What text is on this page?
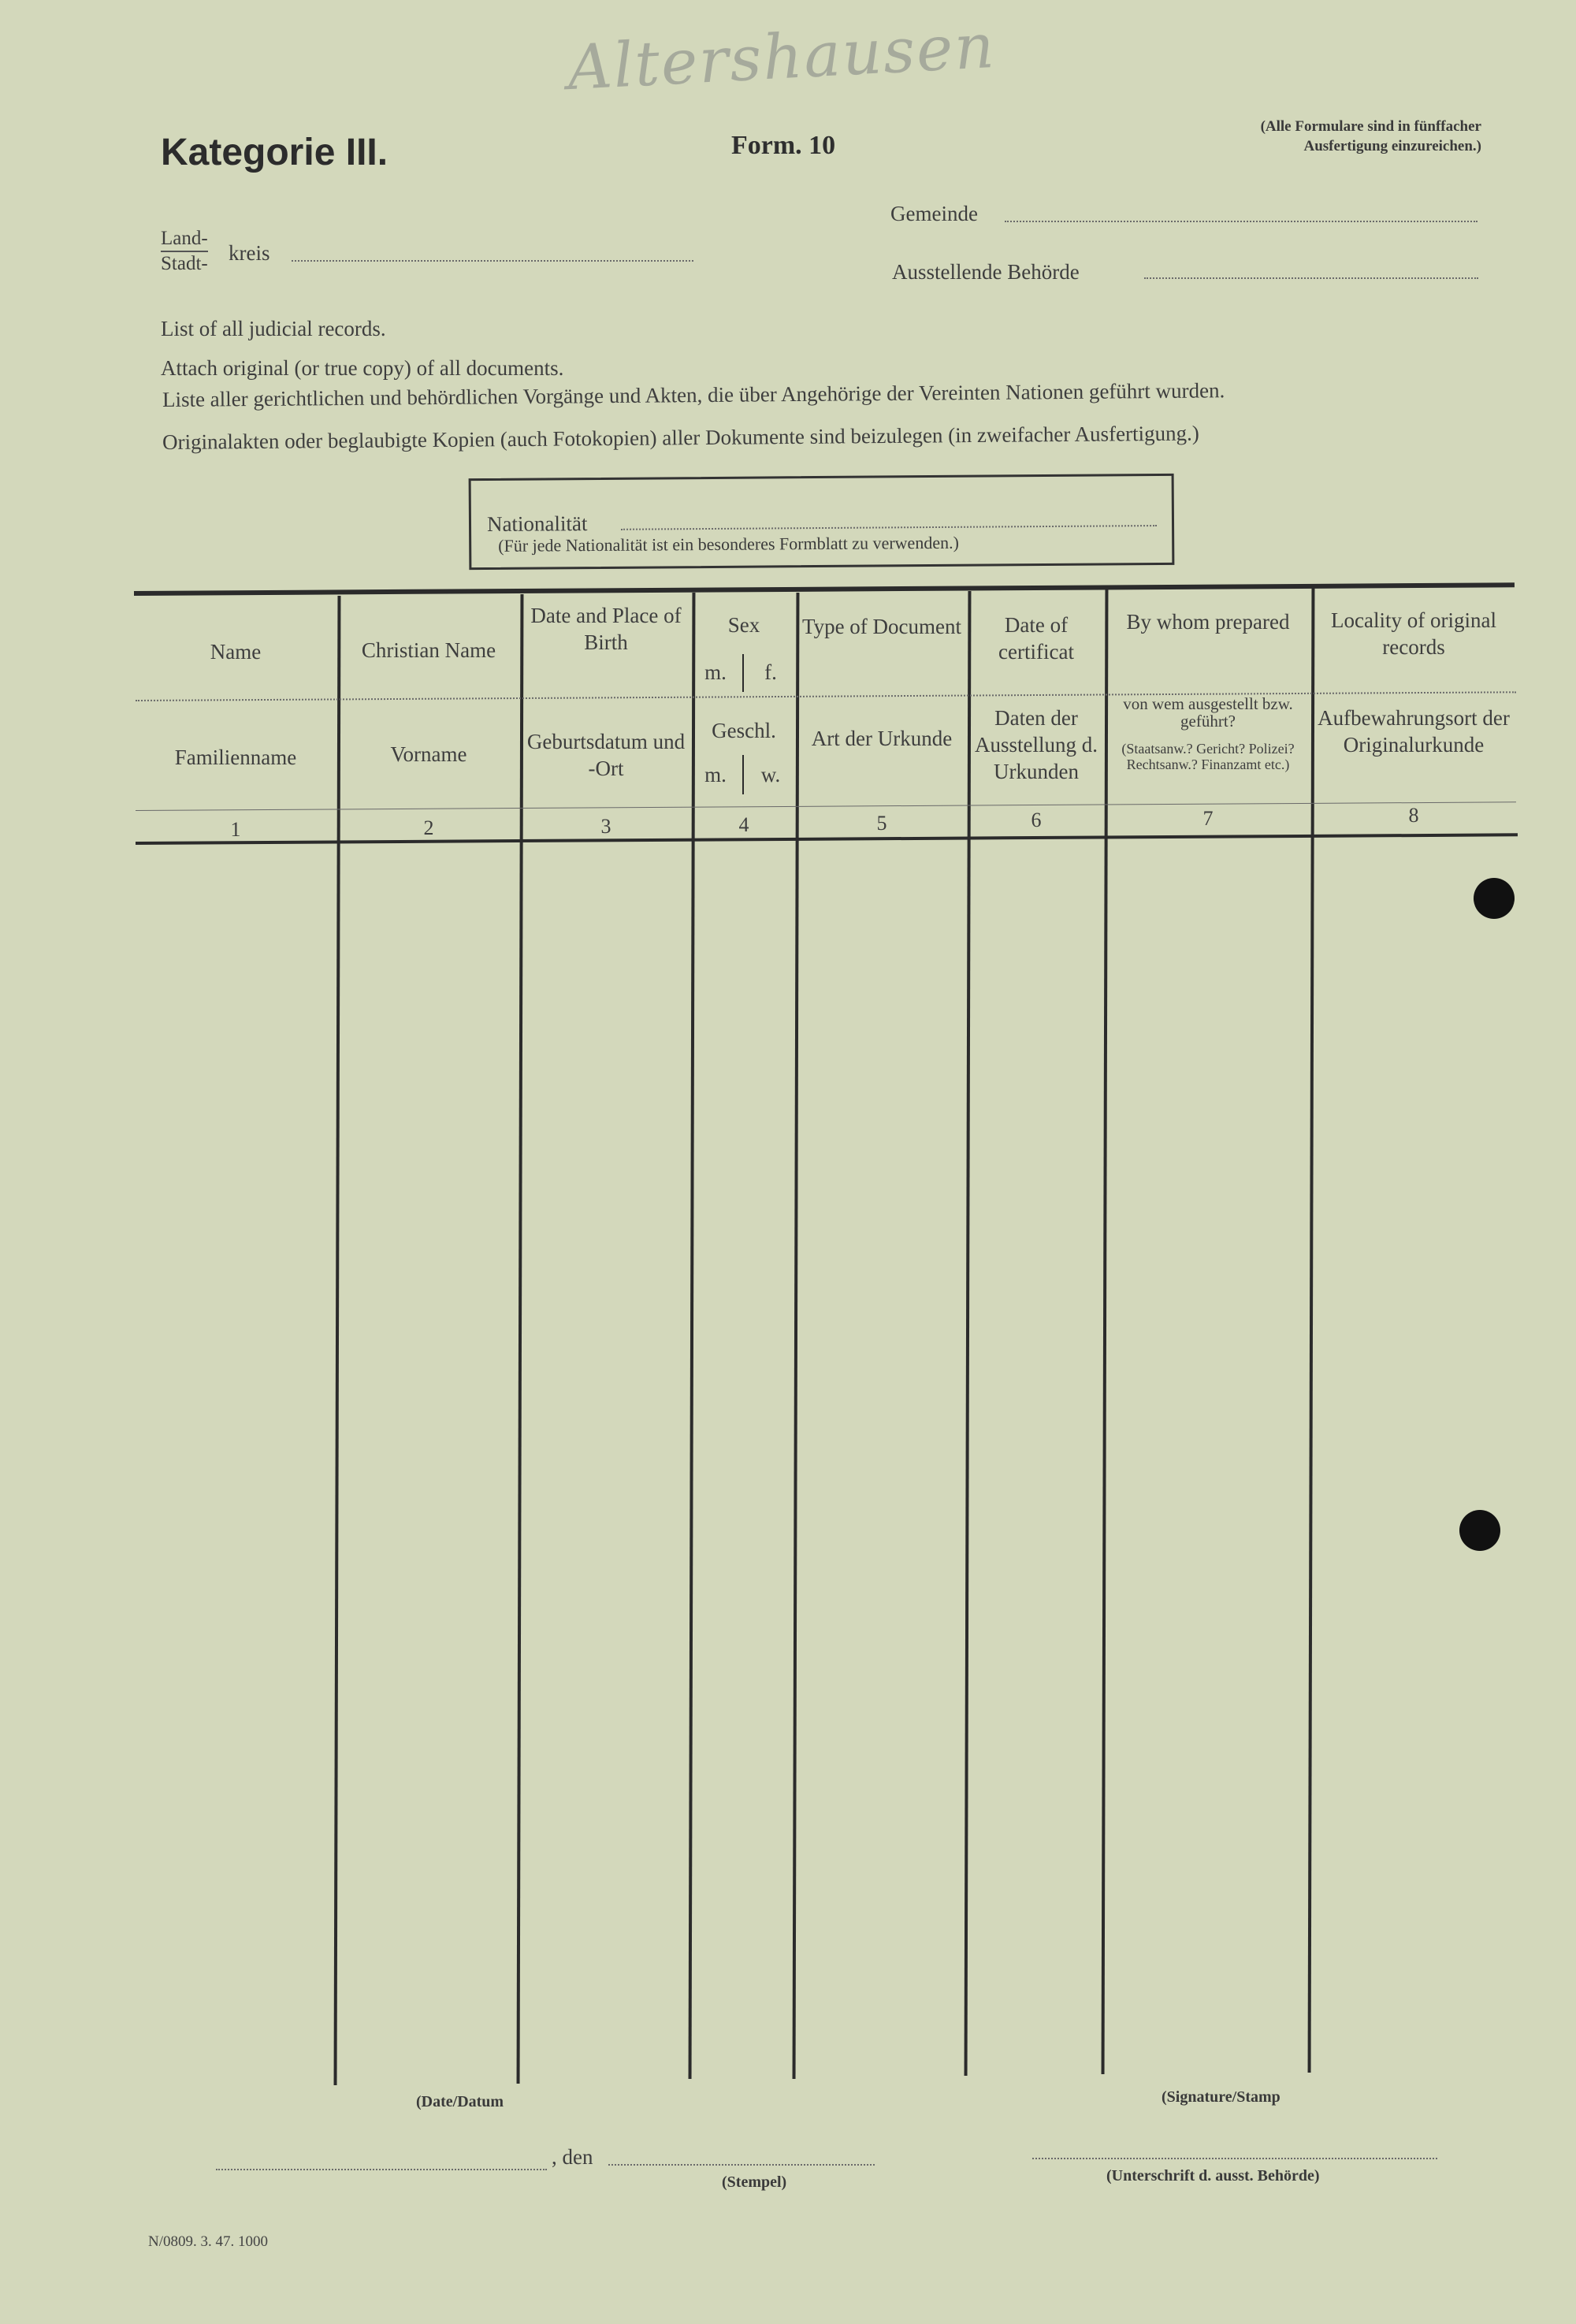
Altershausen
Kategorie III.	Form. 10
(Alle Formulare sind in fünffacher
Ausfertigung einzureichen.)
Land-
Stadt- kreis
Gemeinde
Ausstellende Behörde
List of all judicial records.
Attach original (or true copy) of all documents.
Liste aller gerichtlichen und behördlichen Vorgänge und Akten, die über Angehörige der Vereinten Nationen geführt wurden.
Originalakten oder beglaubigte Kopien (auch Fotokopien) aller Dokumente sind beizulegen (in zweifacher Ausfertigung.)
Nationalität
(Für jede Nationalität ist ein besonderes Formblatt zu verwenden.)
Name
Familienname
1
Christian Name
Vorname
2
Date and Place of Birth
Geburtsdatum und -Ort
3
Sex
m.	f.
Geschl.
m. w.
4
Type of Document
Art der Urkunde
5
Date of certificat
Daten der Ausstellung d. Urkunden
6
By whom prepared
von wem ausgestellt bzw. geführt?
(Staatsanw.? Gericht? Polizei? Rechtsanw.? Finanzamt etc.)
7
Locality of original records
Aufbewahrungsort der Originalurkunde
8
(Date/Datum
, den
(Stempel)
(Signature/Stamp
(Unterschrift d. ausst. Behörde)
N/0809. 3. 47. 1000
